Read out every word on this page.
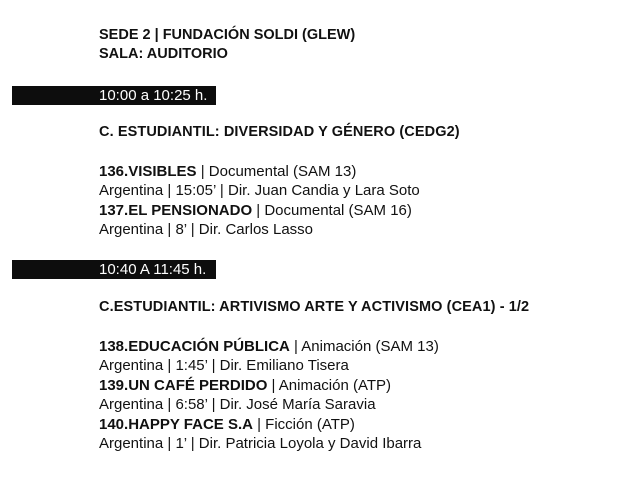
SEDE 2 | FUNDACIÓN SOLDI (GLEW)
SALA: AUDITORIO
10:00 a 10:25 h.
C. ESTUDIANTIL: DIVERSIDAD Y GÉNERO (CEDG2)
136.VISIBLES | Documental (SAM 13)
Argentina | 15:05’ | Dir. Juan Candia y Lara Soto
137.EL PENSIONADO | Documental (SAM 16)
Argentina | 8’ | Dir. Carlos Lasso
10:40 A 11:45 h.
C.ESTUDIANTIL: ARTIVISMO ARTE Y ACTIVISMO (CEA1) - 1/2
138.EDUCACIÓN PÚBLICA | Animación (SAM 13)
Argentina | 1:45’ | Dir. Emiliano Tisera
139.UN CAFÉ PERDIDO | Animación (ATP)
Argentina | 6:58’ | Dir. José María Saravia
140.HAPPY FACE S.A | Ficción (ATP)
Argentina | 1’ | Dir. Patricia Loyola y David Ibarra
